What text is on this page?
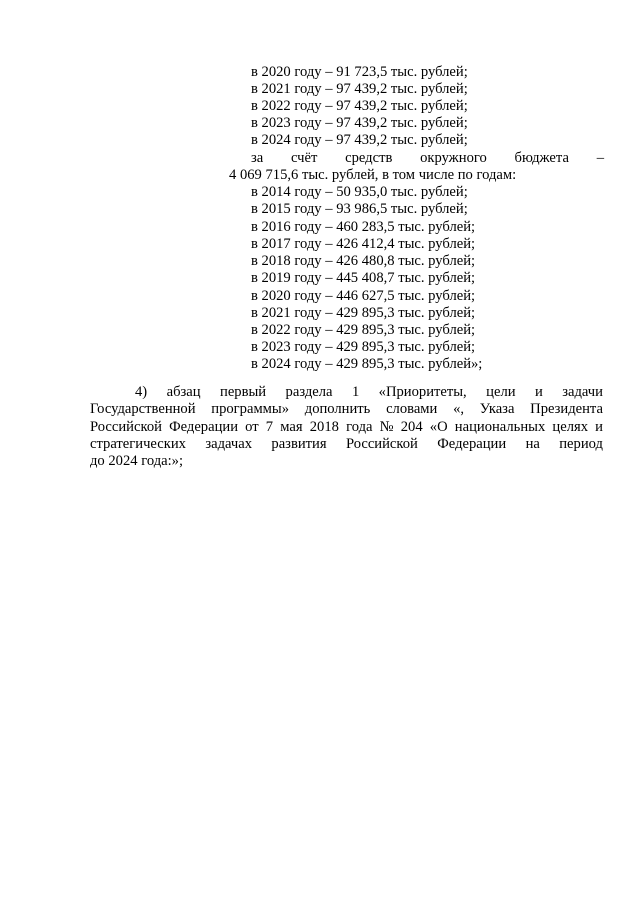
в 2020 году – 91 723,5 тыс. рублей;
в 2021 году – 97 439,2 тыс. рублей;
в 2022 году – 97 439,2 тыс. рублей;
в 2023 году – 97 439,2 тыс. рублей;
в 2024 году – 97 439,2 тыс. рублей;
за счёт средств окружного бюджета –
4 069 715,6 тыс. рублей, в том числе по годам:
в 2014 году – 50 935,0 тыс. рублей;
в 2015 году – 93 986,5 тыс. рублей;
в 2016 году – 460 283,5 тыс. рублей;
в 2017 году – 426 412,4 тыс. рублей;
в 2018 году – 426 480,8 тыс. рублей;
в 2019 году – 445 408,7 тыс. рублей;
в 2020 году – 446 627,5 тыс. рублей;
в 2021 году – 429 895,3 тыс. рублей;
в 2022 году – 429 895,3 тыс. рублей;
в 2023 году – 429 895,3 тыс. рублей;
в 2024 году – 429 895,3 тыс. рублей»;
4) абзац первый раздела 1 «Приоритеты, цели и задачи
Государственной программы» дополнить словами «, Указа Президента
Российской Федерации от 7 мая 2018 года № 204 «О национальных целях и
стратегических задачах развития Российской Федерации на период
до 2024 года:»;
